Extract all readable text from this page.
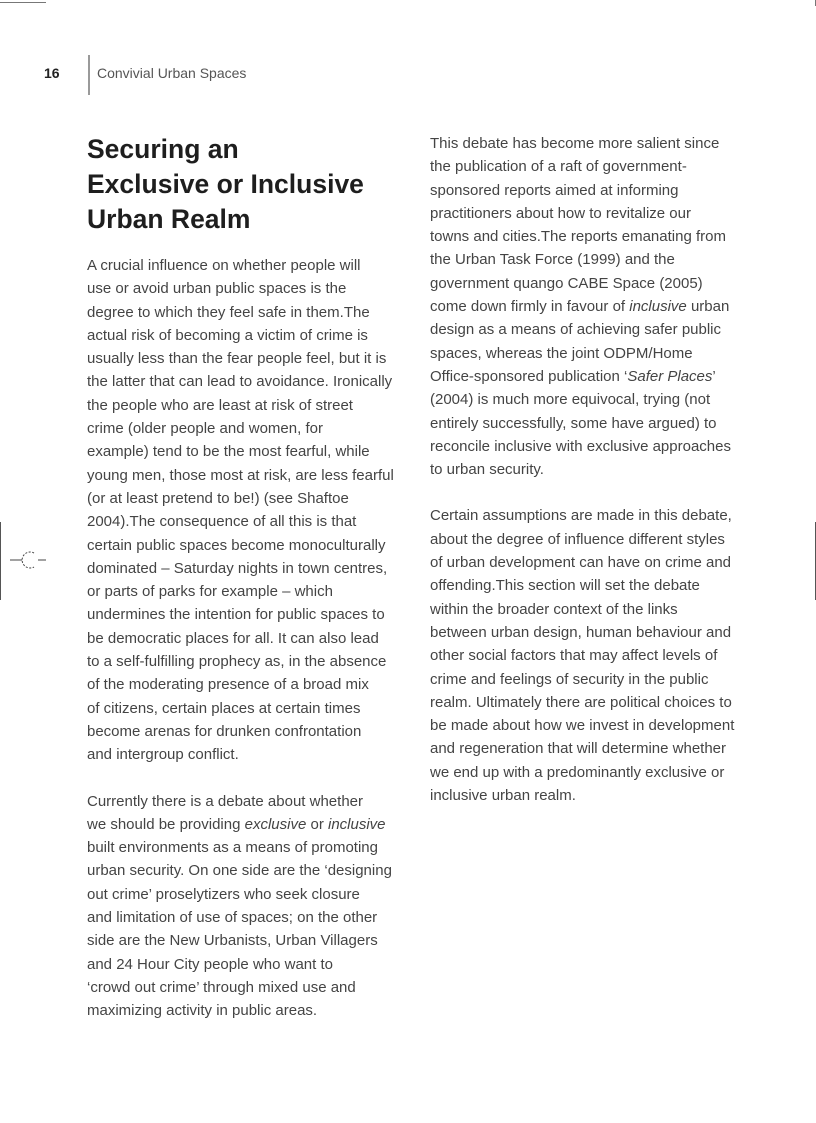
16	Convivial Urban Spaces
Securing an
Exclusive or Inclusive
Urban Realm

A crucial influence on whether people will
use or avoid urban public spaces is the
degree to which they feel safe in them.The
actual risk of becoming a victim of crime is
usually less than the fear people feel, but it is
the latter that can lead to avoidance. Ironically
the people who are least at risk of street
crime (older people and women, for
example) tend to be the most fearful, while
young men, those most at risk, are less fearful
(or at least pretend to be!) (see Shaftoe
2004).The consequence of all this is that
certain public spaces become monoculturally
dominated – Saturday nights in town centres,
or parts of parks for example – which
undermines the intention for public spaces to
be democratic places for all. It can also lead
to a self-fulfilling prophecy as, in the absence
of the moderating presence of a broad mix
of citizens, certain places at certain times
become arenas for drunken confrontation
and intergroup conflict.

Currently there is a debate about whether
we should be providing exclusive or inclusive
built environments as a means of promoting
urban security. On one side are the ‘designing
out crime’ proselytizers who seek closure
and limitation of use of spaces; on the other
side are the New Urbanists, Urban Villagers
and 24 Hour City people who want to
‘crowd out crime’ through mixed use and
maximizing activity in public areas.

This debate has become more salient since
the publication of a raft of government-
sponsored reports aimed at informing
practitioners about how to revitalize our
towns and cities.The reports emanating from
the Urban Task Force (1999) and the
government quango CABE Space (2005)
come down firmly in favour of inclusive urban
design as a means of achieving safer public
spaces, whereas the joint ODPM/Home
Office-sponsored publication ‘Safer Places’
(2004) is much more equivocal, trying (not
entirely successfully, some have argued) to
reconcile inclusive with exclusive approaches
to urban security.

Certain assumptions are made in this debate,
about the degree of influence different styles
of urban development can have on crime and
offending.This section will set the debate
within the broader context of the links
between urban design, human behaviour and
other social factors that may affect levels of
crime and feelings of security in the public
realm. Ultimately there are political choices to
be made about how we invest in development
and regeneration that will determine whether
we end up with a predominantly exclusive or
inclusive urban realm.
